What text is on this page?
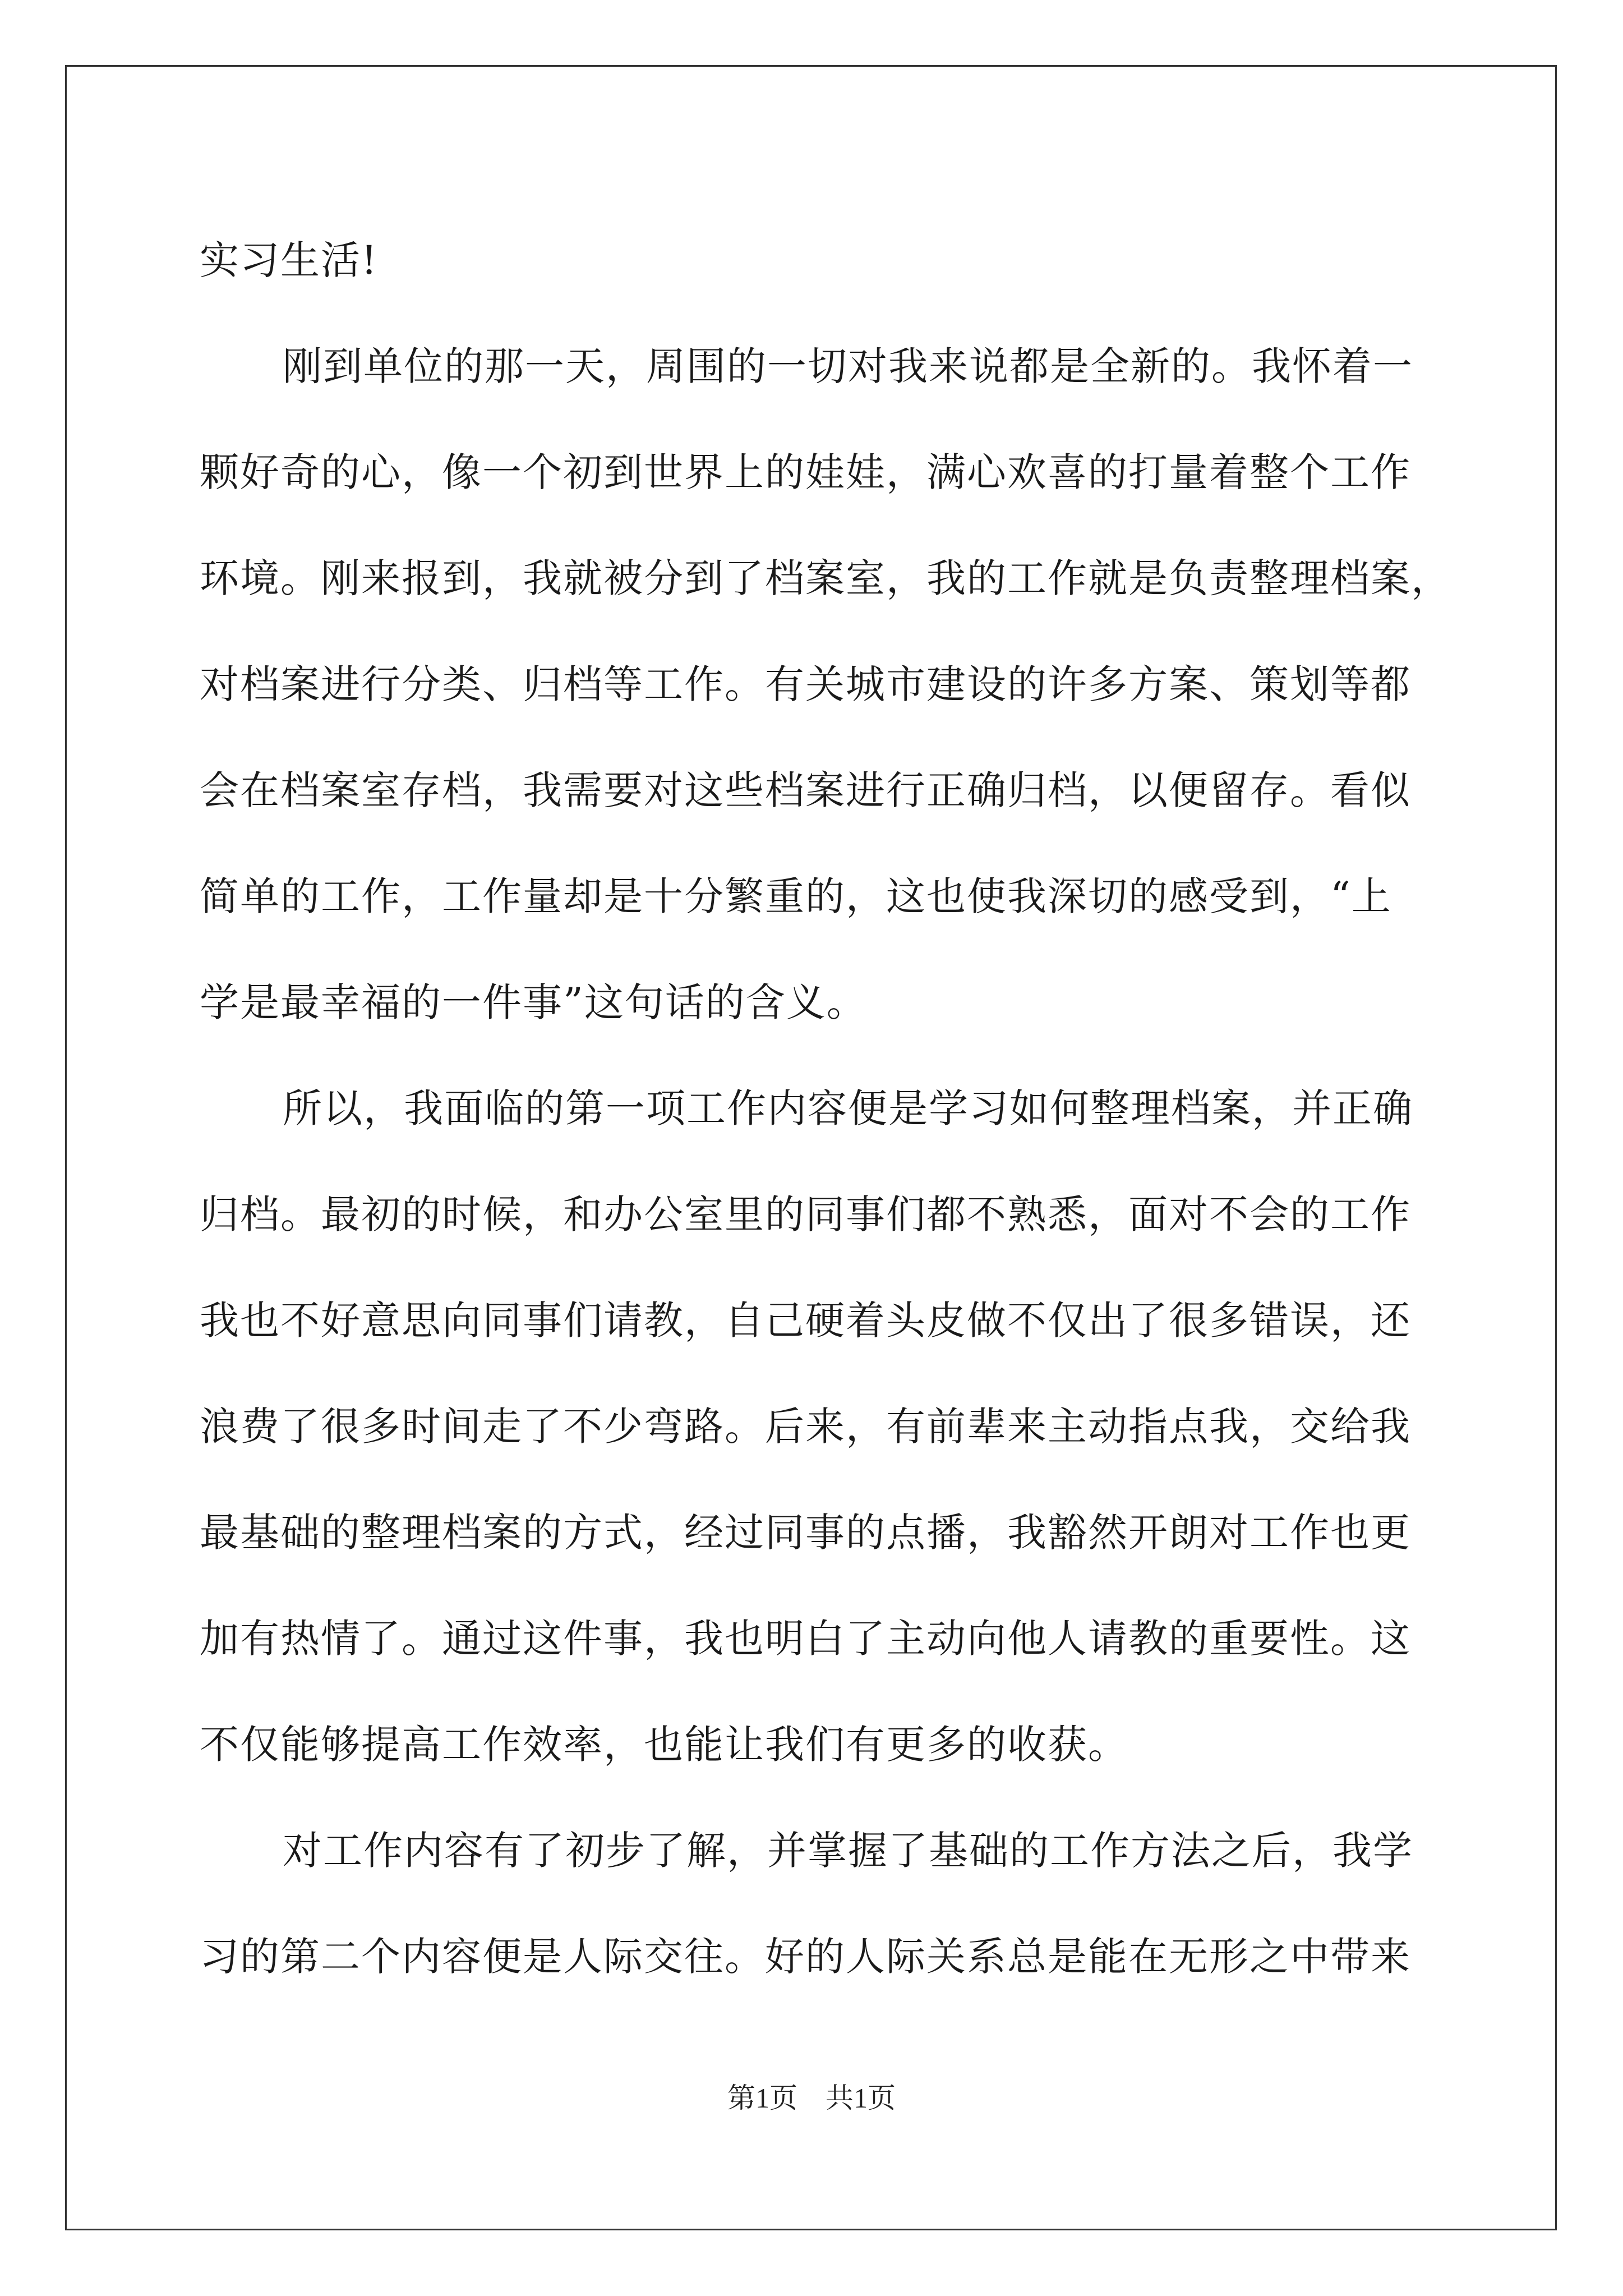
实习生活!
刚到单位的那一天，周围的一切对我来说都是全新的。我怀着一
颗好奇的心，像一个初到世界上的娃娃，满心欢喜的打量着整个工作
环境。刚来报到，我就被分到了档案室，我的工作就是负责整理档案，
对档案进行分类、归档等工作。有关城市建设的许多方案、策划等都
会在档案室存档，我需要对这些档案进行正确归档，以便留存。看似
简单的工作，工作量却是十分繁重的，这也使我深切的感受到，“上
学是最幸福的一件事”这句话的含义。
所以，我面临的第一项工作内容便是学习如何整理档案，并正确
归档。最初的时候，和办公室里的同事们都不熟悉，面对不会的工作
我也不好意思向同事们请教，自己硬着头皮做不仅出了很多错误，还
浪费了很多时间走了不少弯路。后来，有前辈来主动指点我，交给我
最基础的整理档案的方式，经过同事的点播，我豁然开朗对工作也更
加有热情了。通过这件事，我也明白了主动向他人请教的重要性。这
不仅能够提高工作效率，也能让我们有更多的收获。
对工作内容有了初步了解，并掌握了基础的工作方法之后，我学
习的第二个内容便是人际交往。好的人际关系总是能在无形之中带来
第1页　共1页
